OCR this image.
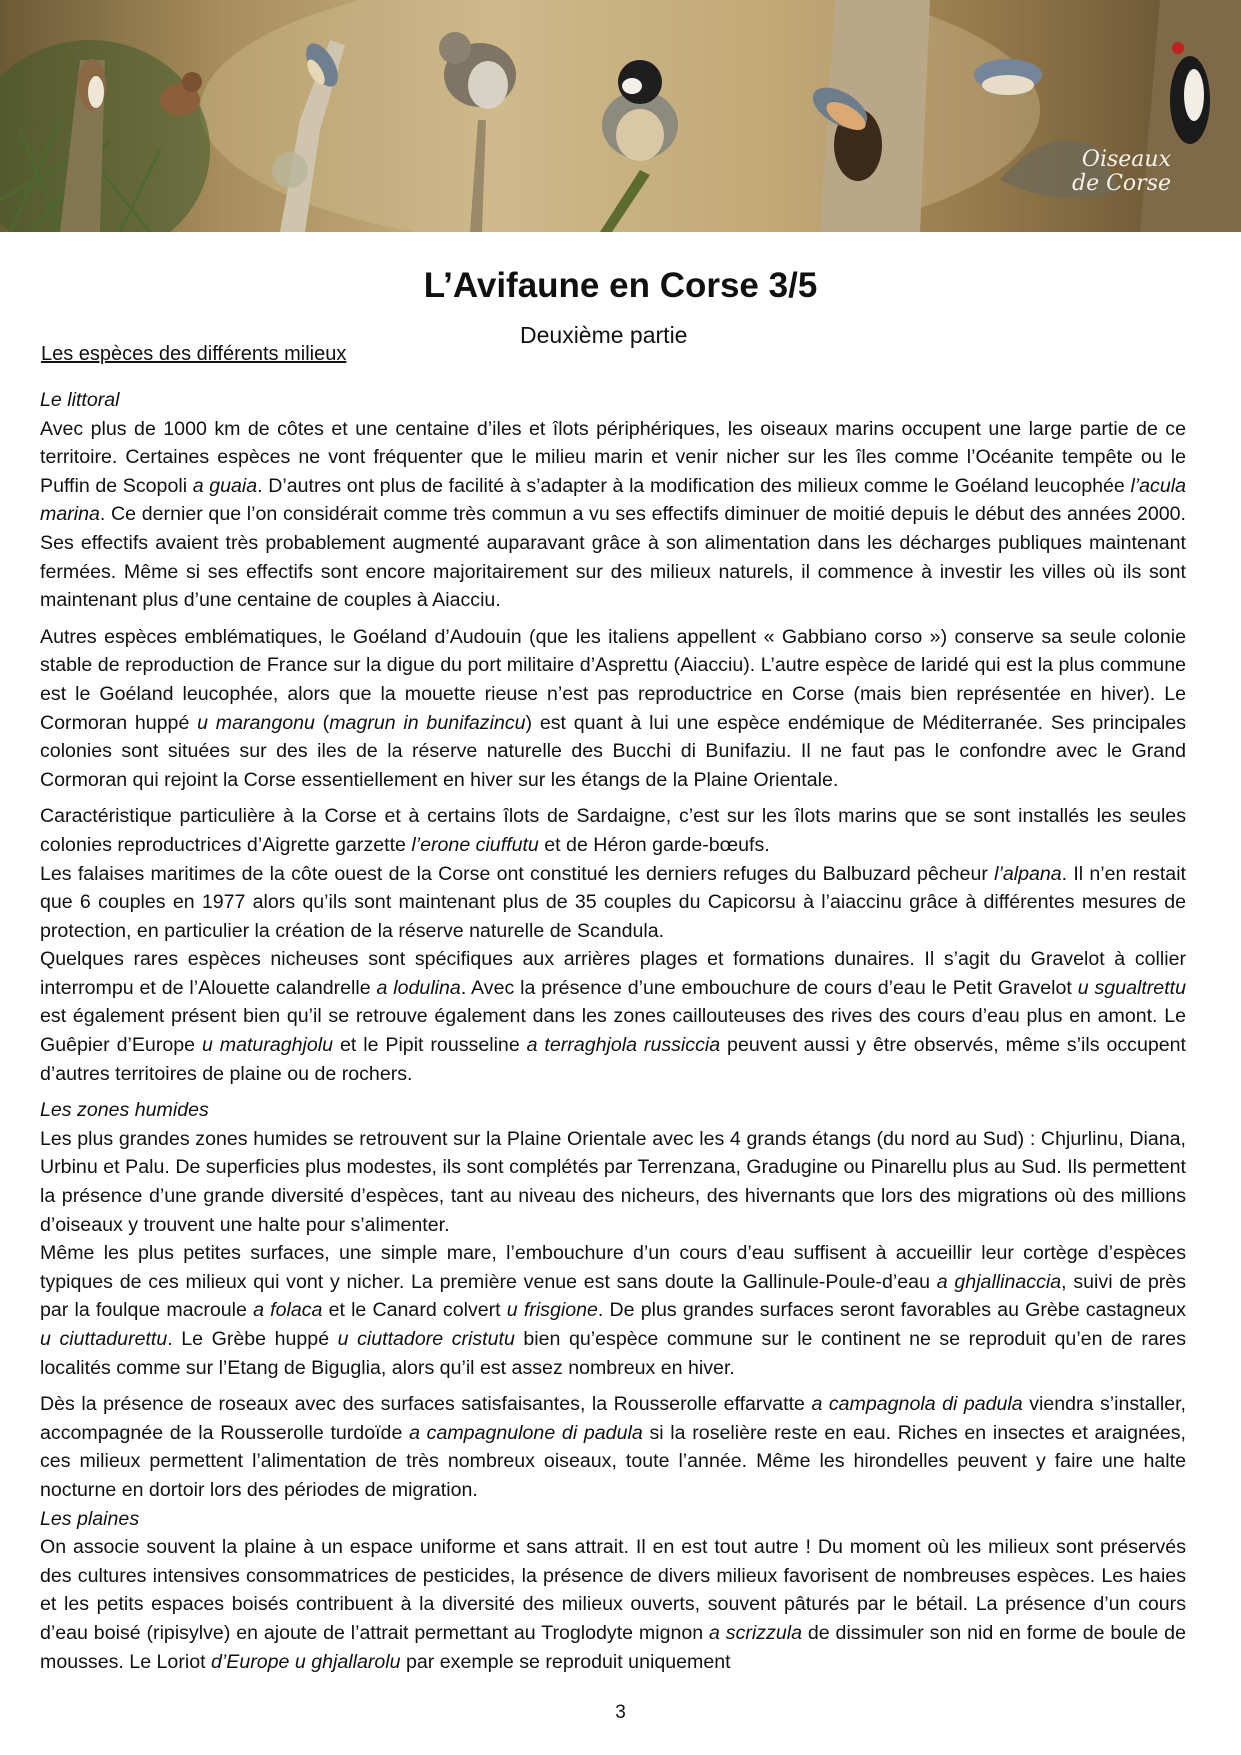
Oiseaux
de Corse
L’Avifaune en Corse 3/5
Deuxième partie
Les espèces des différents milieux

Le littoral

Avec plus de 1000 km de côtes et une centaine d’iles et îlots périphériques, les oiseaux marins occupent une large partie de ce territoire. Certaines espèces ne vont fréquenter que le milieu marin et venir nicher sur les îles comme l’Océanite tempête ou le Puffin de Scopoli a guaia. D’autres ont plus de facilité à s’adapter à la modification des milieux comme le Goéland leucophée l’acula marina. Ce dernier que l’on considérait comme très commun a vu ses effectifs diminuer de moitié depuis le début des années 2000. Ses effectifs avaient très probablement augmenté auparavant grâce à son alimentation dans les décharges publiques maintenant fermées. Même si ses effectifs sont encore majoritairement sur des milieux naturels, il commence à investir les villes où ils sont maintenant plus d’une centaine de couples à Aiacciu.

Autres espèces emblématiques, le Goéland d’Audouin (que les italiens appellent « Gabbiano corso ») conserve sa seule colonie stable de reproduction de France sur la digue du port militaire d’Asprettu (Aiacciu). L’autre espèce de laridé qui est la plus commune est le Goéland leucophée, alors que la mouette rieuse n’est pas reproductrice en Corse (mais bien représentée en hiver). Le Cormoran huppé u marangonu (magrun in bunifazincu) est quant à lui une espèce endémique de Méditerranée. Ses principales colonies sont situées sur des iles de la réserve naturelle des Bucchi di Bunifaziu. Il ne faut pas le confondre avec le Grand Cormoran qui rejoint la Corse essentiellement en hiver sur les étangs de la Plaine Orientale.

Caractéristique particulière à la Corse et à certains îlots de Sardaigne, c’est sur les îlots marins que se sont installés les seules colonies reproductrices d’Aigrette garzette l’erone ciuffutu et de Héron garde-bœufs.

Les falaises maritimes de la côte ouest de la Corse ont constitué les derniers refuges du Balbuzard pêcheur l’alpana. Il n’en restait que 6 couples en 1977 alors qu’ils sont maintenant plus de 35 couples du Capicorsu à l’aiaccinu grâce à différentes mesures de protection, en particulier la création de la réserve naturelle de Scandula.

Quelques rares espèces nicheuses sont spécifiques aux arrières plages et formations dunaires. Il s’agit du Gravelot à collier interrompu et de l’Alouette calandrelle a lodulina. Avec la présence d’une embouchure de cours d’eau le Petit Gravelot u sgualtrettu est également présent bien qu’il se retrouve également dans les zones caillouteuses des rives des cours d’eau plus en amont. Le Guêpier d’Europe u maturaghjolu et le Pipit rousseline a terraghjola russiccia peuvent aussi y être observés, même s’ils occupent d’autres territoires de plaine ou de rochers.

Les zones humides

Les plus grandes zones humides se retrouvent sur la Plaine Orientale avec les 4 grands étangs (du nord au Sud) : Chjurlinu, Diana, Urbinu et Palu. De superficies plus modestes, ils sont complétés par Terrenzana, Gradugine ou Pinarellu plus au Sud. Ils permettent la présence d’une grande diversité d’espèces, tant au niveau des nicheurs, des hivernants que lors des migrations où des millions d’oiseaux y trouvent une halte pour s’alimenter.

Même les plus petites surfaces, une simple mare, l’embouchure d’un cours d’eau suffisent à accueillir leur cortège d’espèces typiques de ces milieux qui vont y nicher. La première venue est sans doute la Gallinule-Poule-d’eau a ghjallinaccia, suivi de près par la foulque macroule a folaca et le Canard colvert u frisgione. De plus grandes surfaces seront favorables au Grèbe castagneux u ciuttadurettu. Le Grèbe huppé u ciuttadore cristutu bien qu’espèce commune sur le continent ne se reproduit qu’en de rares localités comme sur l’Etang de Biguglia, alors qu’il est assez nombreux en hiver.

Dès la présence de roseaux avec des surfaces satisfaisantes, la Rousserolle effarvatte a campagnola di padula viendra s’installer, accompagnée de la Rousserolle turdoïde a campagnulone di padula si la roselière reste en eau. Riches en insectes et araignées, ces milieux permettent l’alimentation de très nombreux oiseaux, toute l’année. Même les hirondelles peuvent y faire une halte nocturne en dortoir lors des périodes de migration.

Les plaines

On associe souvent la plaine à un espace uniforme et sans attrait. Il en est tout autre ! Du moment où les milieux sont préservés des cultures intensives consommatrices de pesticides, la présence de divers milieux favorisent de nombreuses espèces. Les haies et les petits espaces boisés contribuent à la diversité des milieux ouverts, souvent pâturés par le bétail. La présence d’un cours d’eau boisé (ripisylve) en ajoute de l’attrait permettant au Troglodyte mignon a scrizzula de dissimuler son nid en forme de boule de mousses. Le Loriot d’Europe u ghjallarolu par exemple se reproduit uniquement

3
